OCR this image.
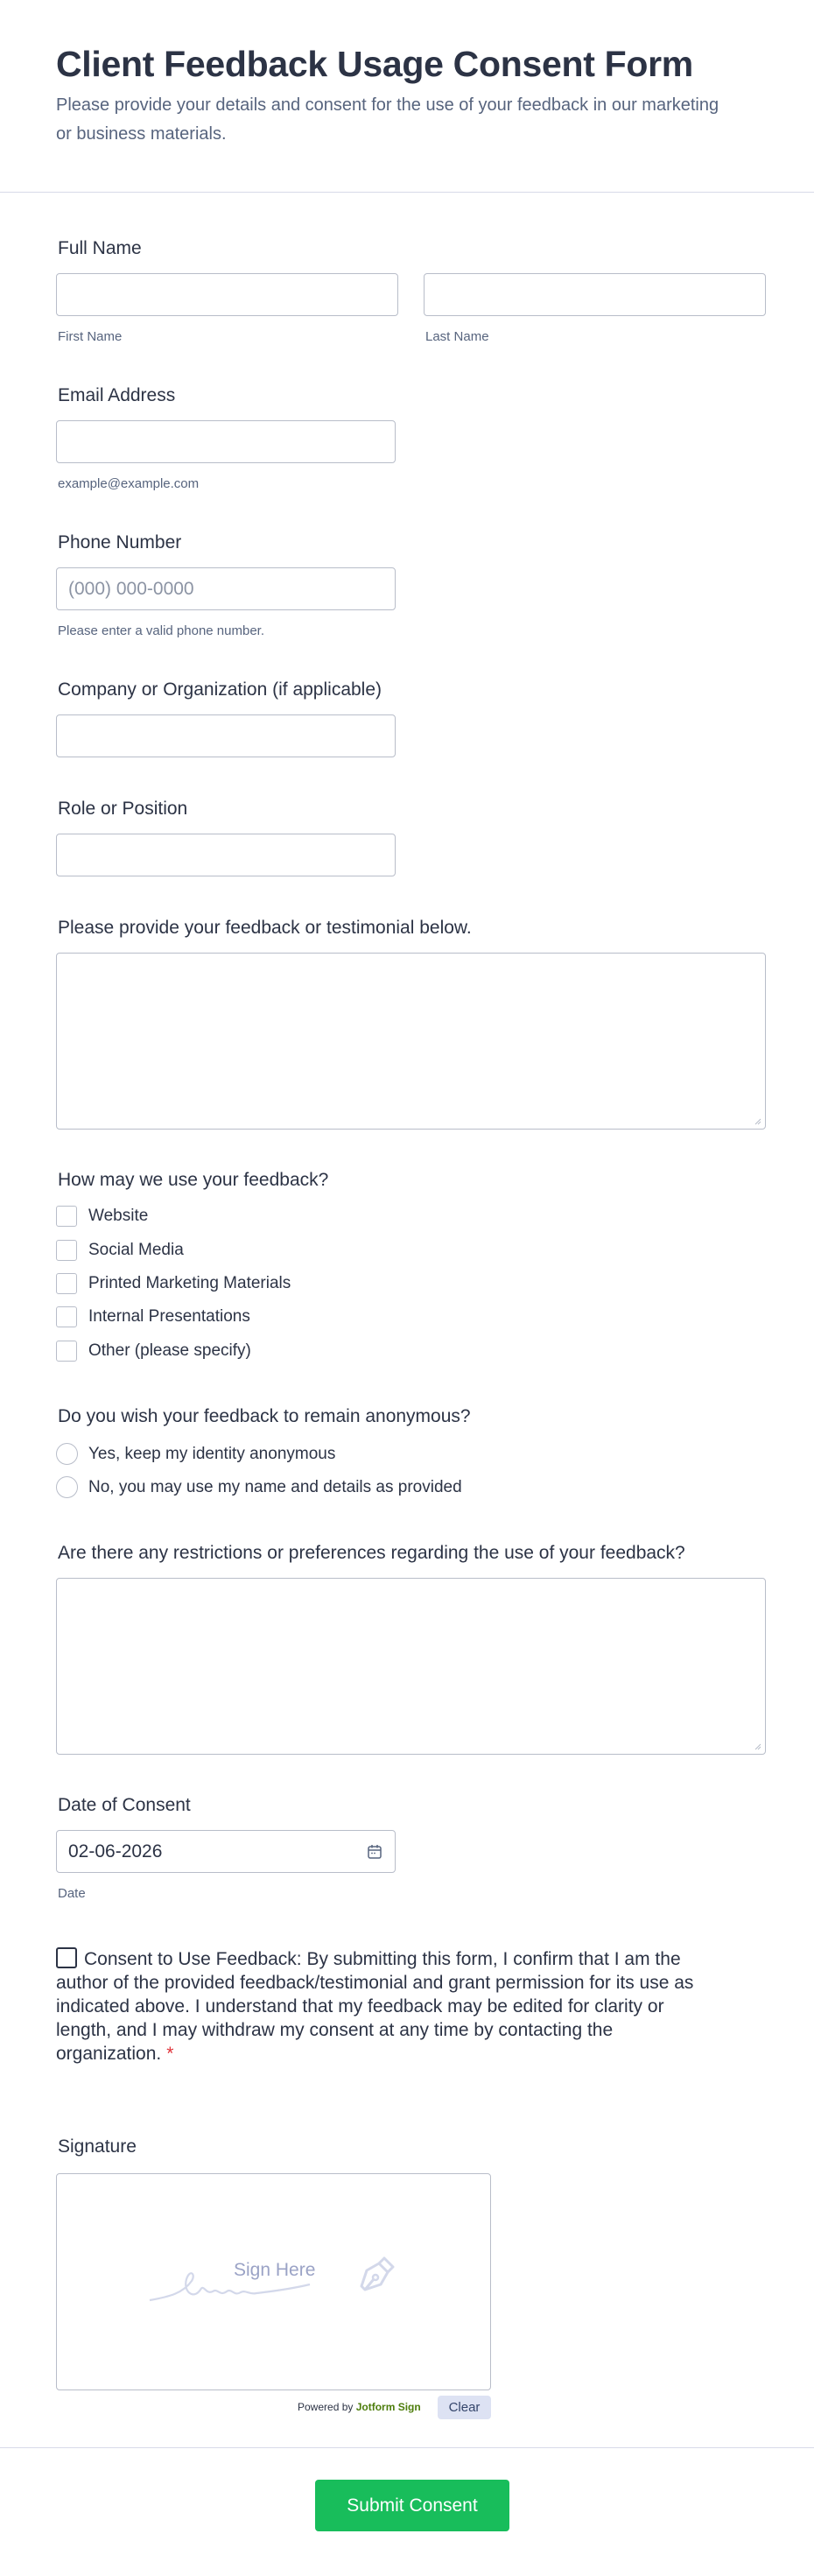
Client Feedback Usage Consent Form
Please provide your details and consent for the use of your feedback in our marketing or business materials.
Full Name
First Name	Last Name
Email Address
example@example.com
Phone Number
(000) 000-0000
Please enter a valid phone number.
Company or Organization (if applicable)
Role or Position
Please provide your feedback or testimonial below.
How may we use your feedback?
Website
Social Media
Printed Marketing Materials
Internal Presentations
Other (please specify)
Do you wish your feedback to remain anonymous?
Yes, keep my identity anonymous
No, you may use my name and details as provided
Are there any restrictions or preferences regarding the use of your feedback?
Date of Consent
02-06-2026
Date
Consent to Use Feedback: By submitting this form, I confirm that I am the author of the provided feedback/testimonial and grant permission for its use as indicated above. I understand that my feedback may be edited for clarity or length, and I may withdraw my consent at any time by contacting the organization. *
Signature
Sign Here
Powered by Jotform Sign	Clear
Submit Consent
